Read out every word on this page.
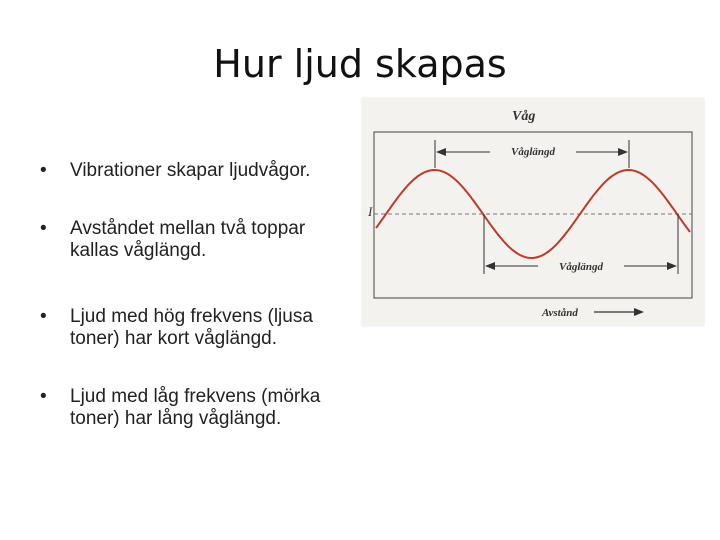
Hur ljud skapas
• Vibrationer skapar ljudvågor.
• Avståndet mellan två toppar
kallas våglängd.
• Ljud med hög frekvens (ljusa
toner) har kort våglängd.
• Ljud med låg frekvens (mörka
toner) har lång våglängd.
Våg
I
Våglängd
Våglängd
Avstånd
